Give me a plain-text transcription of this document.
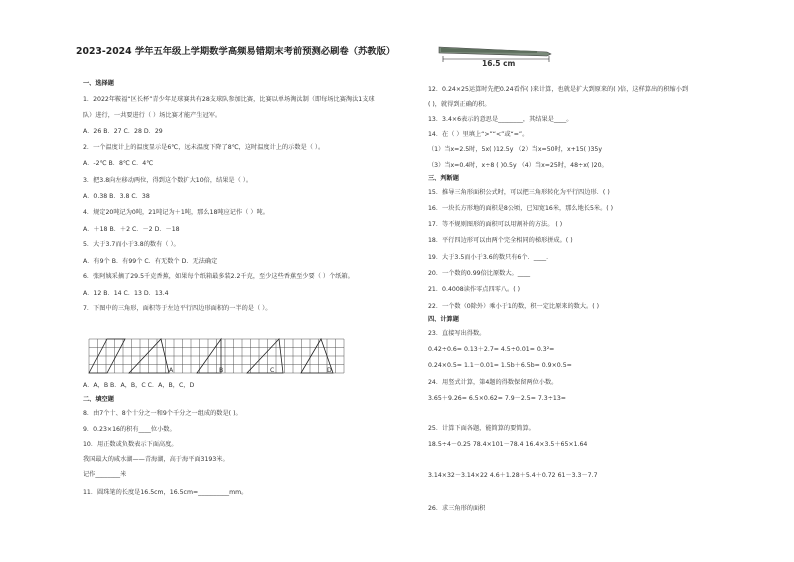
2023-2024 学年五年级上学期数学高频易错期末考前预测必刷卷（苏教版）
16.5 cm
一、选择题
1．2022年鞍福“区长杯”青少年足球赛共有28支球队参加比赛，比赛以单场淘汰制（即每场比赛淘汰1支球
队）进行，一共要进行（ ）场比赛才能产生冠军。
A．26 B．27 C．28 D．29
2．一个温度计上的温度显示是6℃，远未温度下降了8℃，这时温度计上的示数是（ ）。
A．-2℃ B．8℃ C．4℃
3．把3.8向左移动两位，得到这个数扩大10倍，结果是（ ）。
A．0.38 B．3.8 C．38
4．规定20吨记为0吨，21吨记为＋1吨，那么18吨应记作（ ）吨。
A．＋18 B．＋2 C．－2 D．－18
5．大于3.7而小于3.8的数有（ ）。
A．有9个 B．有99个 C．有无数个 D．无法确定
6．张阿姨采摘了29.5千克香蕉，如果每个纸箱最多装2.2千克，至少这些香蕉至少要（ ）个纸箱。
A．12 B．14 C．13 D．13.4
7．下图中的三角形，面积等于左边平行四边形面积的一半的是（ ）。
A．A，B B．A，B，C C．A，B，C，D
二、填空题
8．由7个十、8个十分之一和9个千分之一组成的数是( )。
9．0.23×16的积有____位小数。
10．用正数或负数表示下面高度。
我国最大的咸水湖——青海湖，高于海平面3193米。
记作________米
11．圆珠笔的长度是16.5cm，16.5cm=__________mm。
12．0.24×25运算时先把0.24看作( )来计算，也就是扩大到原来的( )倍，这样算出的积缩小到
( )，就得到正确的积。
13．3.4×6表示的意思是________，其结果是____。
14．在（ ）里填上“>”“<”或“=”。
（1）当x=2.5时，5x( )12.5y （2）当x=50时，x+15( )35y
（3）当x=0.4时，x÷8 ( )0.5y （4）当x=25时，48÷x( )20。
三、判断题
15．推导三角形面积公式时，可以把三角形转化为平行四边形．( )
16．一块长方形地的面积是8公顷，已知宽16米，那么地长5米。( )
17．等不规则图形的面积可以用割补的方法。 ( )
18．平行四边形可以由两个完全相同的梯形拼成。( )
19．大于3.5而小于3.6的数只有6个．____．
20．一个数的0.99倍比原数大。____
21．0.4008读作零点四零八。( )
22．一个数（0除外）乘小于1的数，积一定比原来的数大。( )
四、计算题
23．直接写出得数。
0.42÷0.6= 0.13＋2.7= 4.5÷0.01= 0.3²=
0.24×0.5= 1.1－0.01= 1.5b＋6.5b= 0.9×0.5=
24．用竖式计算，第4题的得数保留两位小数。
3.65＋9.26= 6.5×0.62= 7.9－2.5= 7.3÷13=
25．计算下面各题，能简算的要简算。
18.5÷4－0.25 78.4×101－78.4 16.4×3.5＋65×1.64
3.14×32－3.14×22 4.6＋1.28＋5.4＋0.72 61－3.3－7.7
26．求三角形的面积
A	B	C	D
